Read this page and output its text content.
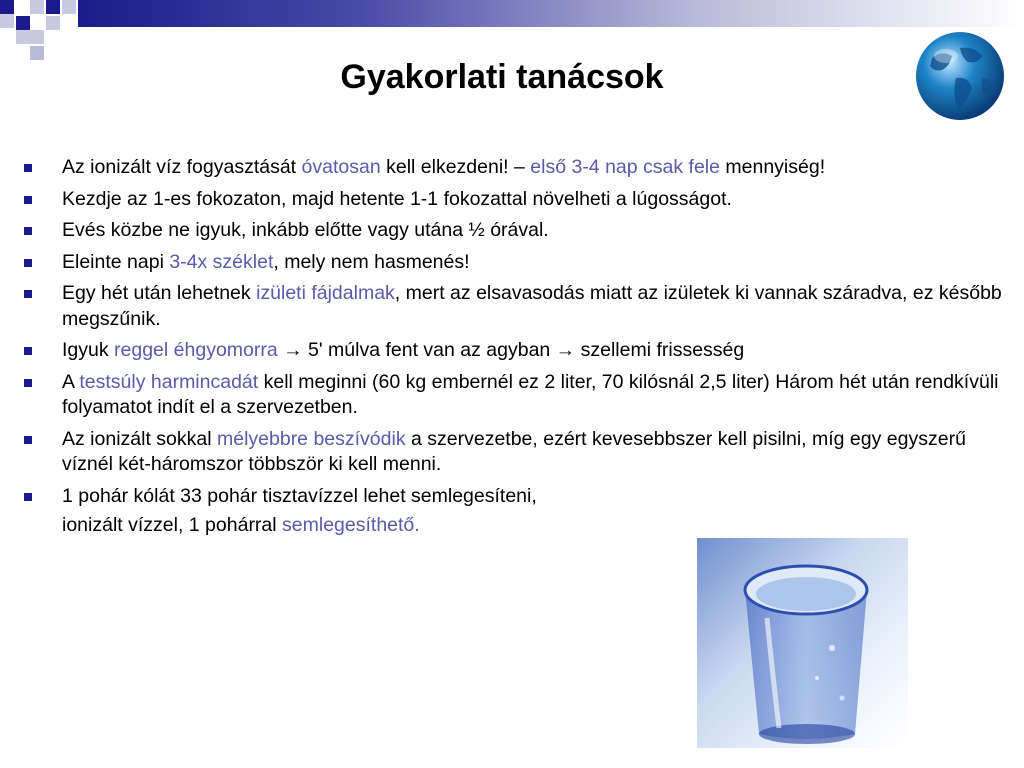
Gyakorlati tanácsok
Az ionizált víz fogyasztását óvatosan kell elkezdeni! – első 3-4 nap csak fele mennyiség!
Kezdje az 1-es fokozaton, majd hetente 1-1 fokozattal növelheti a lúgosságot.
Evés közbe ne igyuk, inkább előtte vagy utána ½ órával.
Eleinte napi 3-4x széklet, mely nem hasmenés!
Egy hét után lehetnek izületi fájdalmak, mert az elsavasodás miatt az izületek ki vannak száradva, ez később megszűnik.
Igyuk reggel éhgyomorra → 5' múlva fent van az agyban → szellemi frissesség
A testsúly harmincadát kell meginni (60 kg embernél ez 2 liter, 70 kilósnál 2,5 liter) Három hét után rendkívüli folyamatot indít el a szervezetben.
Az ionizált sokkal mélyebbre beszívódik a szervezetbe, ezért kevesebbszer kell pisilni, míg egy egyszerű víznél két-háromszor többször ki kell menni.
1 pohár kólát 33 pohár tisztavízzel lehet semlegesíteni,
ionizált vízzel, 1 pohárral semlegesíthető.
